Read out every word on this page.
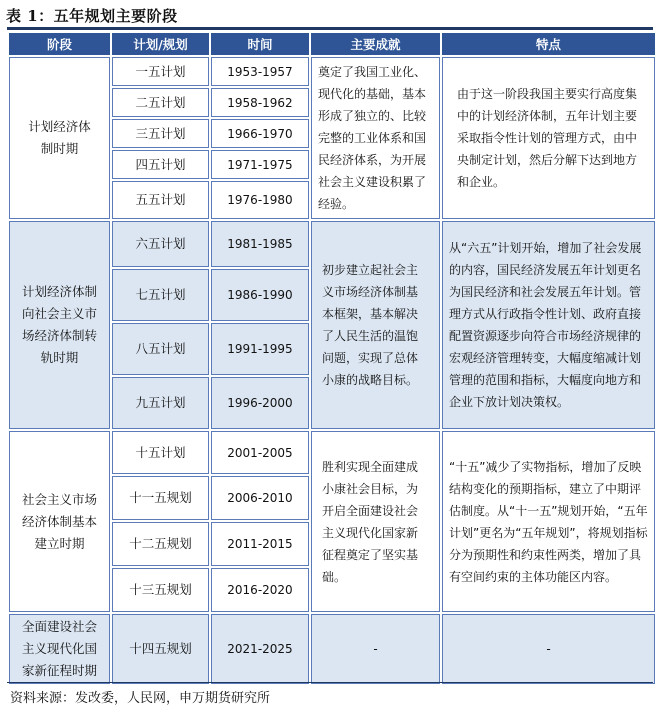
表 1：五年规划主要阶段
阶段	计划/规划	时间	主要成就	特点
计划经济体制时期	一五计划	1953-1957	奠定了我国工业化、现代化的基础，基本形成了独立的、比较完整的工业体系和国民经济体系，为开展社会主义建设积累了经验。	由于这一阶段我国主要实行高度集中的计划经济体制，五年计划主要采取指令性计划的管理方式，由中央制定计划，然后分解下达到地方和企业。
	二五计划	1958-1962		
	三五计划	1966-1970		
	四五计划	1971-1975		
	五五计划	1976-1980		
计划经济体制向社会主义市场经济体制转轨时期	六五计划	1981-1985	初步建立起社会主义市场经济体制基本框架，基本解决了人民生活的温饱问题，实现了总体小康的战略目标。	从“六五”计划开始，增加了社会发展的内容，国民经济发展五年计划更名为国民经济和社会发展五年计划。管理方式从行政指令性计划、政府直接配置资源逐步向符合市场经济规律的宏观经济管理转变，大幅度缩减计划管理的范围和指标，大幅度向地方和企业下放计划决策权。
	七五计划	1986-1990		
	八五计划	1991-1995		
	九五计划	1996-2000		
社会主义市场经济体制基本建立时期	十五计划	2001-2005	胜利实现全面建成小康社会目标，为开启全面建设社会主义现代化国家新征程奠定了坚实基础。	“十五”减少了实物指标，增加了反映结构变化的预期指标，建立了中期评估制度。从“十一五”规划开始，“五年计划”更名为“五年规划”，将规划指标分为预期性和约束性两类，增加了具有空间约束的主体功能区内容。
	十一五规划	2006-2010		
	十二五规划	2011-2015		
	十三五规划	2016-2020		
全面建设社会主义现代化国家新征程时期	十四五规划	2021-2025	-	-
资料来源：发改委，人民网，申万期货研究所
